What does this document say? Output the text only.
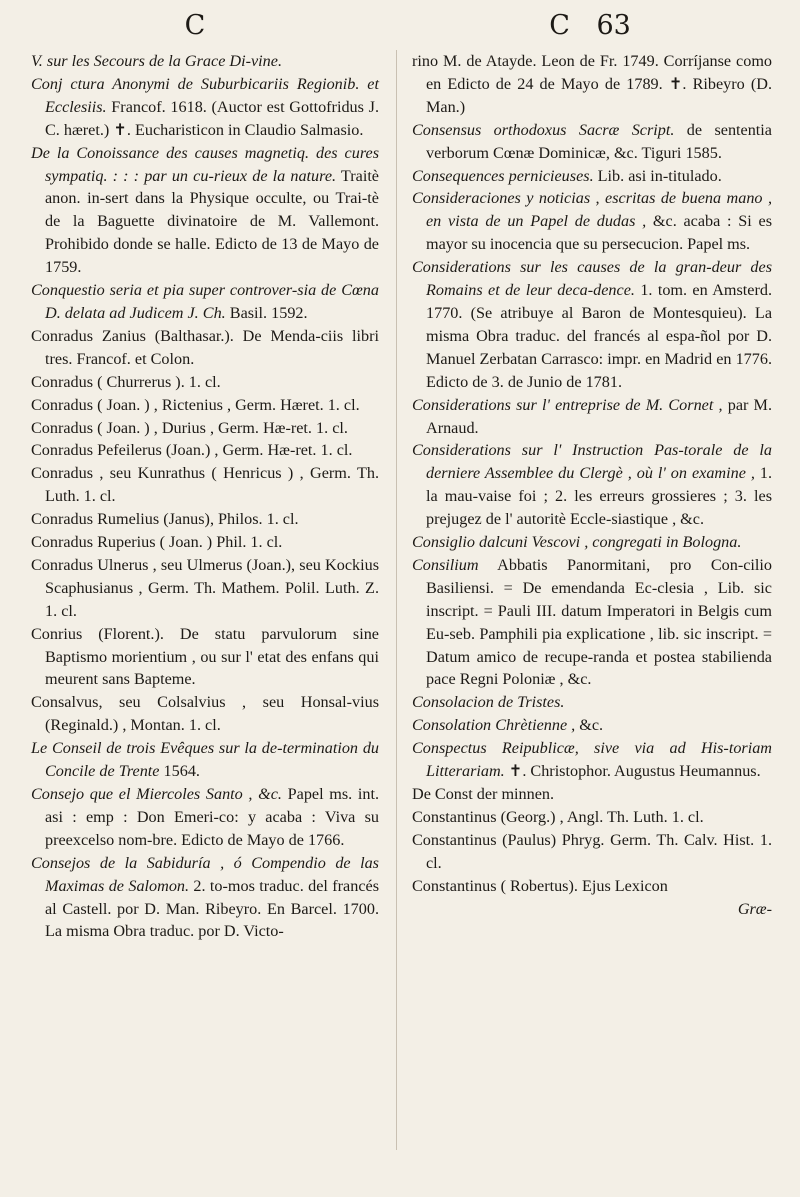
C	C 63

V. sur les Secours de la Grace Di-vine.

Conj ctura Anonymi de Suburbicariis Regionib. et Ecclesiis. Francof. 1618. (Auctor est Gottofridus J. C. hæret.) ✝. Eucharisticon in Claudio Salmasio.

De la Conoissance des causes magnetiq. des cures sympatiq. : : : par un cu-rieux de la nature. Traitè anon. in-sert dans la Physique occulte, ou Trai-tè de la Baguette divinatoire de M. Vallemont. Prohibido donde se halle. Edicto de 13 de Mayo de 1759.

Conquestio seria et pia super controver-sia de Cœna D. delata ad Judicem J. Ch. Basil. 1592.

Conradus Zanius (Balthasar.). De Menda-ciis libri tres. Francof. et Colon.

Conradus ( Churrerus ). 1. cl.

Conradus ( Joan. ) , Rictenius , Germ. Hæret. 1. cl.

Conradus ( Joan. ) , Durius , Germ. Hæ-ret. 1. cl.

Conradus Pefeilerus (Joan.) , Germ. Hæ-ret. 1. cl.

Conradus , seu Kunrathus ( Henricus ) , Germ. Th. Luth. 1. cl.

Conradus Rumelius (Janus), Philos. 1. cl.

Conradus Ruperius ( Joan. ) Phil. 1. cl.

Conradus Ulnerus , seu Ulmerus (Joan.), seu Kockius Scaphusianus , Germ. Th. Mathem. Polil. Luth. Z. 1. cl.

Conrius (Florent.). De statu parvulorum sine Baptismo morientium , ou sur l' etat des enfans qui meurent sans Bapteme.

Consalvus, seu Colsalvius , seu Honsal-vius (Reginald.) , Montan. 1. cl.

Le Conseil de trois Evêques sur la de-termination du Concile de Trente 1564.

Consejo que el Miercoles Santo , &c. Papel ms. int. asi : emp : Don Emeri-co: y acaba : Viva su preexcelso nom-bre. Edicto de Mayo de 1766.

Consejos de la Sabiduría , ó Compendio de las Maximas de Salomon. 2. to-mos traduc. del francés al Castell. por D. Man. Ribeyro. En Barcel. 1700. La misma Obra traduc. por D. Victo-

rino M. de Atayde. Leon de Fr. 1749. Corríjanse como en Edicto de 24 de Mayo de 1789. ✝. Ribeyro (D. Man.)

Consensus orthodoxus Sacræ Script. de sententia verborum Cœnæ Dominicæ, &c. Tiguri 1585.

Consequences pernicieuses. Lib. asi in-titulado.

Consideraciones y noticias , escritas de buena mano , en vista de un Papel de dudas , &c. acaba : Si es mayor su inocencia que su persecucion. Papel ms.

Considerations sur les causes de la gran-deur des Romains et de leur deca-dence. 1. tom. en Amsterd. 1770. (Se atribuye al Baron de Montesquieu). La misma Obra traduc. del francés al espa-ñol por D. Manuel Zerbatan Carrasco: impr. en Madrid en 1776. Edicto de 3. de Junio de 1781.

Considerations sur l' entreprise de M. Cornet , par M. Arnaud.

Considerations sur l' Instruction Pas-torale de la derniere Assemblee du Clergè , où l' on examine , 1. la mau-vaise foi ; 2. les erreurs grossieres ; 3. les prejugez de l' autoritè Eccle-siastique , &c.

Consiglio dalcuni Vescovi , congregati in Bologna.

Consilium Abbatis Panormitani, pro Con-cilio Basiliensi. = De emendanda Ec-clesia , Lib. sic inscript. = Pauli III. datum Imperatori in Belgis cum Eu-seb. Pamphili pia explicatione , lib. sic inscript. = Datum amico de recupe-randa et postea stabilienda pace Regni Poloniæ , &c.

Consolacion de Tristes.

Consolation Chrètienne , &c.

Conspectus Reipublicæ, sive via ad His-toriam Litterariam. ✝. Christophor. Augustus Heumannus.

De Const der minnen.

Constantinus (Georg.) , Angl. Th. Luth. 1. cl.

Constantinus (Paulus) Phryg. Germ. Th. Calv. Hist. 1. cl.

Constantinus ( Robertus). Ejus Lexicon

Græ-
